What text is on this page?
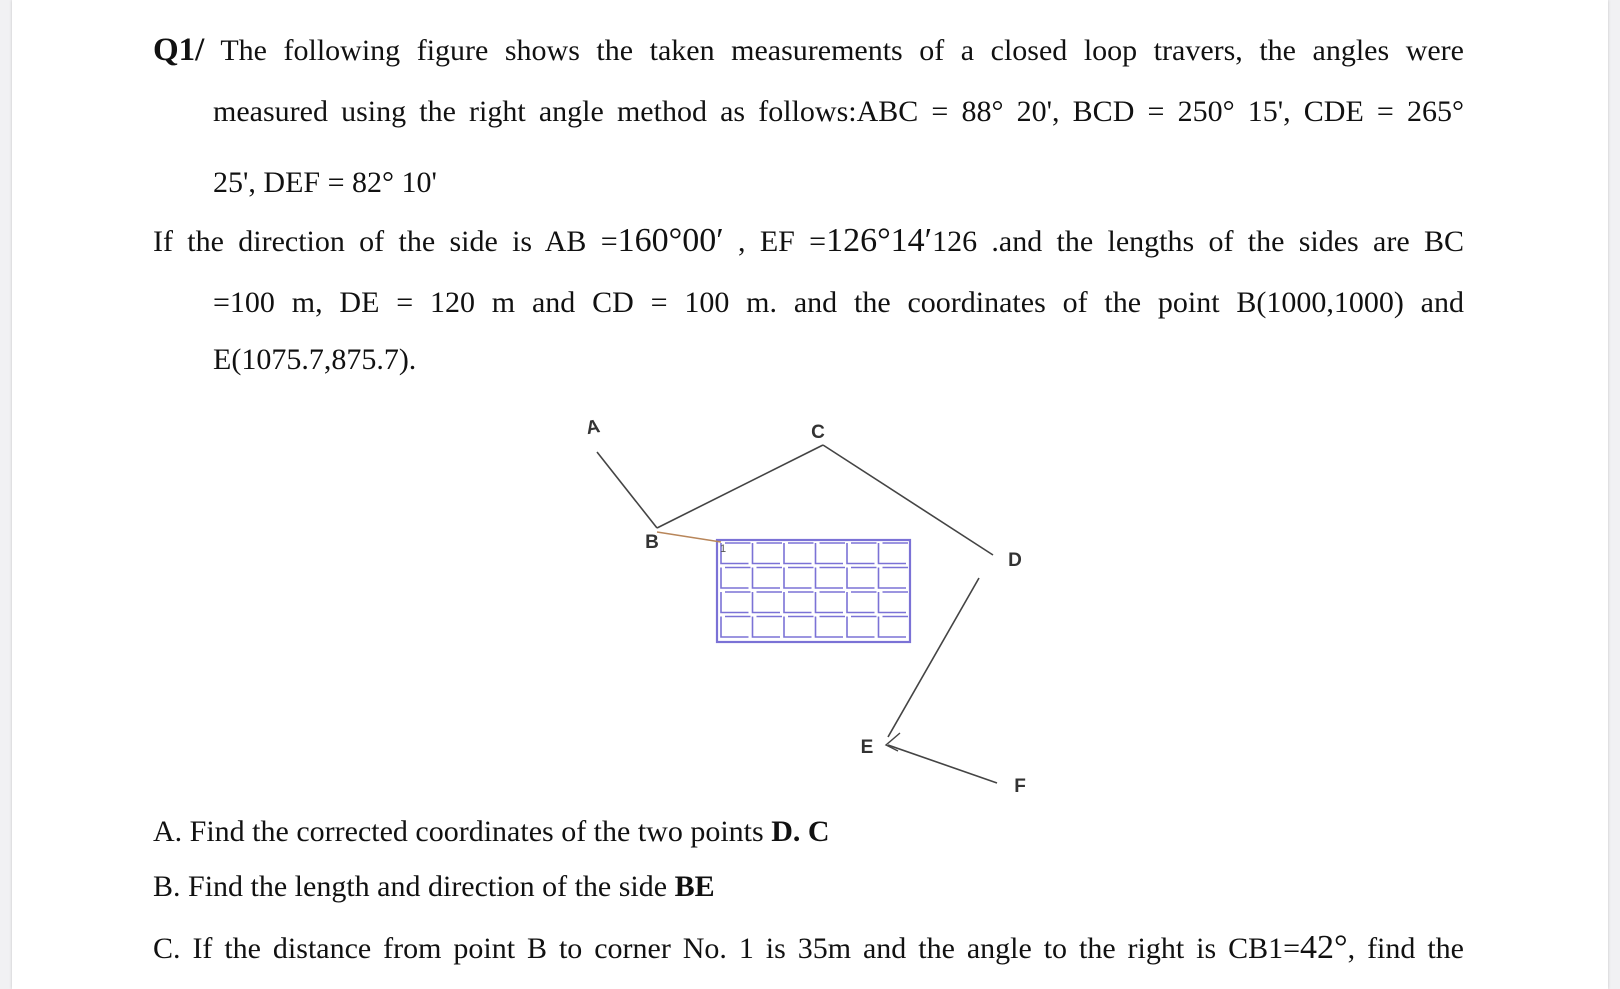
Q1/ The following figure shows the taken measurements of a closed loop travers, the angles were
measured using the right angle method as follows:ABC = 88° 20', BCD = 250° 15', CDE = 265°
25', DEF = 82° 10'
If the direction of the side is AB =160°00′ , EF =126°14′126 .and the lengths of the sides are BC
=100 m, DE = 120 m and CD = 100 m. and the coordinates of the point B(1000,1000) and
E(1075.7,875.7).
A
B
C
D
E
F
1
A. Find the corrected coordinates of the two points D. C
B. Find the length and direction of the side BE
C. If the distance from point B to corner No. 1 is 35m and the angle to the right is CB1=42°, find the
